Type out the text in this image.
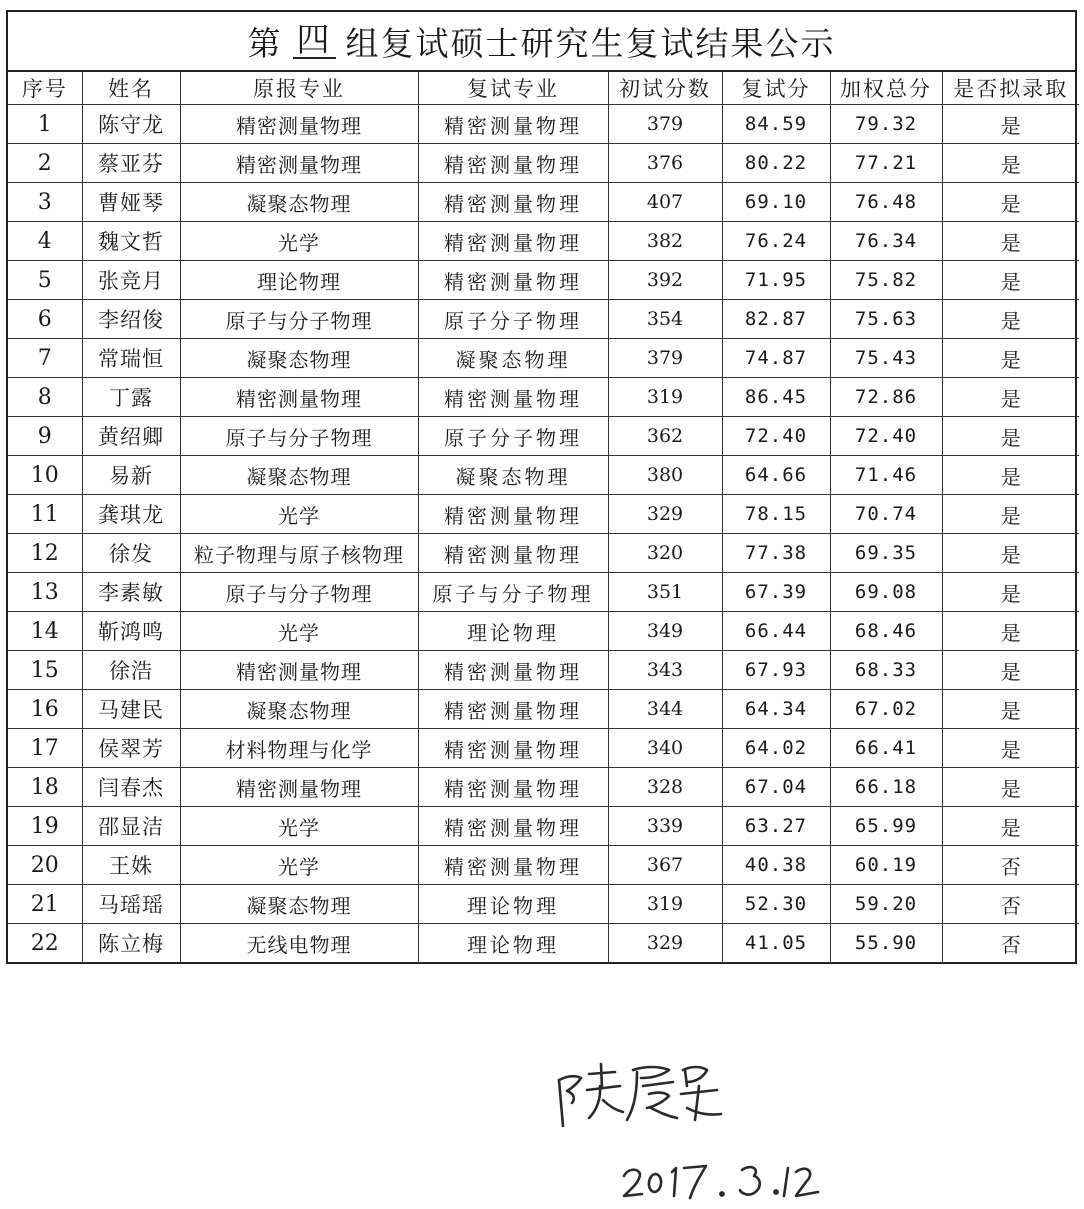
第 四 组复试硕士研究生复试结果公示
序号	姓名	原报专业	复试专业	初试分数	复试分	加权总分	是否拟录取
1	陈守龙	精密测量物理	精密测量物理	379	84.59	79.32	是
2	蔡亚芬	精密测量物理	精密测量物理	376	80.22	77.21	是
3	曹娅琴	凝聚态物理	精密测量物理	407	69.10	76.48	是
4	魏文哲	光学	精密测量物理	382	76.24	76.34	是
5	张竞月	理论物理	精密测量物理	392	71.95	75.82	是
6	李绍俊	原子与分子物理	原子分子物理	354	82.87	75.63	是
7	常瑞恒	凝聚态物理	凝聚态物理	379	74.87	75.43	是
8	丁露	精密测量物理	精密测量物理	319	86.45	72.86	是
9	黄绍卿	原子与分子物理	原子分子物理	362	72.40	72.40	是
10	易新	凝聚态物理	凝聚态物理	380	64.66	71.46	是
11	龚琪龙	光学	精密测量物理	329	78.15	70.74	是
12	徐发	粒子物理与原子核物理	精密测量物理	320	77.38	69.35	是
13	李素敏	原子与分子物理	原子与分子物理	351	67.39	69.08	是
14	靳鸿鸣	光学	理论物理	349	66.44	68.46	是
15	徐浩	精密测量物理	精密测量物理	343	67.93	68.33	是
16	马建民	凝聚态物理	精密测量物理	344	64.34	67.02	是
17	侯翠芳	材料物理与化学	精密测量物理	340	64.02	66.41	是
18	闫春杰	精密测量物理	精密测量物理	328	67.04	66.18	是
19	邵显洁	光学	精密测量物理	339	63.27	65.99	是
20	王姝	光学	精密测量物理	367	40.38	60.19	否
21	马瑶瑶	凝聚态物理	理论物理	319	52.30	59.20	否
22	陈立梅	无线电物理	理论物理	329	41.05	55.90	否
